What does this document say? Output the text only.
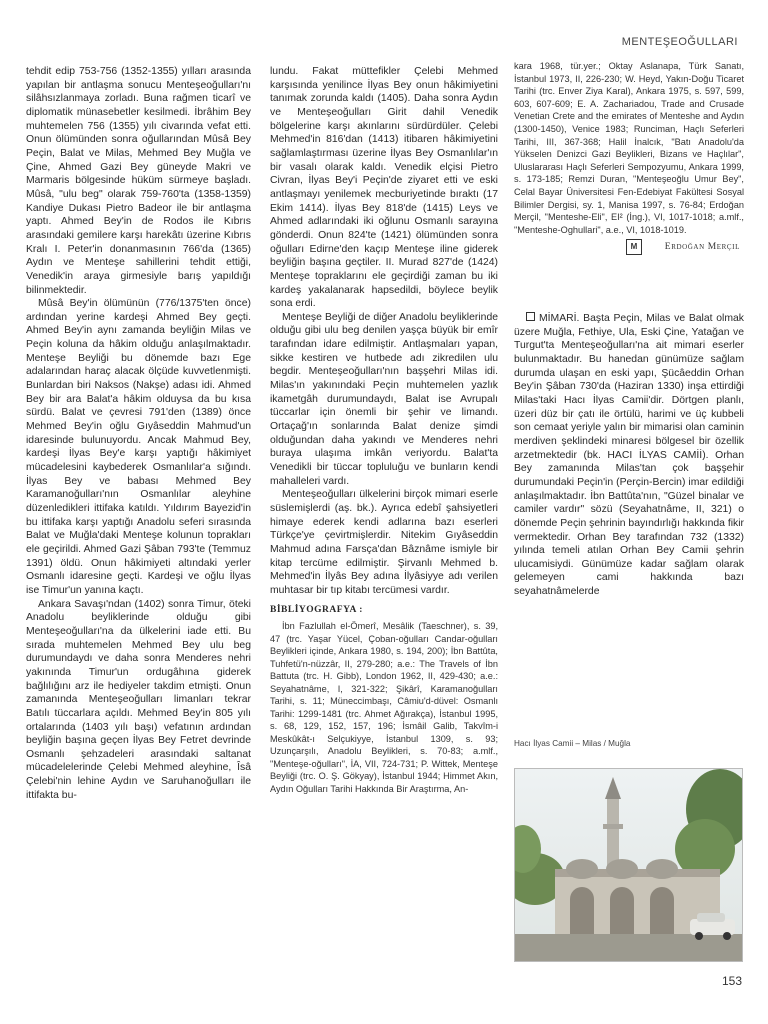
MENTEŞEOĞULLARI

tehdit edip 753-756 (1352-1355) yılları arasında yapılan bir antlaşma sonucu Menteşeoğulları'nı silâhsızlanmaya zorladı. Buna rağmen ticarî ve diplomatik münasebetler kesilmedi. İbrâhim Bey muhtemelen 756 (1355) yılı civarında vefat etti. Onun ölümünden sonra oğullarından Mûsâ Bey Peçin, Balat ve Milas, Mehmed Bey Muğla ve Çine, Ahmed Gazi Bey güneyde Makri ve Marmaris bölgesinde hüküm sürmeye başladı. Mûsâ, "ulu beg" olarak 759-760'ta (1358-1359) Kandiye Dukası Pietro Badeor ile bir antlaşma yaptı. Ahmed Bey'in de Rodos ile Kıbrıs arasındaki gemilere karşı harekâtı üzerine Kıbrıs Kralı I. Peter'in donanmasının 766'da (1365) Aydın ve Menteşe sahillerini tehdit ettiği, Venedik'in araya girmesiyle barış yapıldığı bilinmektedir.

Mûsâ Bey'in ölümünün (776/1375'ten önce) ardından yerine kardeşi Ahmed Bey geçti. Ahmed Bey'in aynı zamanda beyliğin Milas ve Peçin koluna da hâkim olduğu anlaşılmaktadır. Menteşe Beyliği bu dönemde bazı Ege adalarından haraç alacak ölçüde kuvvetlenmişti. Bunlardan biri Naksos (Nakşe) adası idi. Ahmed Bey bir ara Balat'a hâkim olduysa da bu kısa sürdü. Balat ve çevresi 791'den (1389) önce Mehmed Bey'in oğlu Gıyâseddin Mahmud'un idaresinde bulunuyordu. Ancak Mahmud Bey, kardeşi İlyas Bey'e karşı yaptığı hâkimiyet mücadelesini kaybederek Osmanlılar'a sığındı. İlyas Bey ve babası Mehmed Bey Karamanoğulları'nın Osmanlılar aleyhine düzenledikleri ittifaka katıldı. Yıldırım Bayezid'in bu ittifaka karşı yaptığı Anadolu seferi sırasında Balat ve Muğla'daki Menteşe kolunun toprakları ele geçirildi. Ahmed Gazi Şâban 793'te (Temmuz 1391) öldü. Onun hâkimiyeti altındaki yerler Osmanlı idaresine geçti. Kardeşi ve oğlu İlyas ise Timur'un yanına kaçtı.

Ankara Savaşı'ndan (1402) sonra Timur, öteki Anadolu beyliklerinde olduğu gibi Menteşeoğulları'na da ülkelerini iade etti. Bu sırada muhtemelen Mehmed Bey ulu beg durumundaydı ve daha sonra Menderes nehri yakınında Timur'un ordugâhına giderek bağlılığını arz ile hediyeler takdim etmişti. Onun zamanında Menteşeoğulları limanları tekrar Batılı tüccarlara açıldı. Mehmed Bey'in 805 yılı ortalarında (1403 yılı başı) vefatının ardından beyliğin başına geçen İlyas Bey Fetret devrinde Osmanlı şehzadeleri arasındaki saltanat mücadelelerinde Çelebi Mehmed aleyhine, Îsâ Çelebi'nin lehine Aydın ve Saruhanoğulları ile ittifakta bu-

lundu. Fakat müttefikler Çelebi Mehmed karşısında yenilince İlyas Bey onun hâkimiyetini tanımak zorunda kaldı (1405). Daha sonra Aydın ve Menteşeoğulları Girit dahil Venedik bölgelerine karşı akınlarını sürdürdüler. Çelebi Mehmed'in 816'dan (1413) itibaren hâkimiyetini sağlamlaştırması üzerine İlyas Bey Osmanlılar'ın bir vasalı olarak kaldı. Venedik elçisi Pietro Civran, İlyas Bey'i Peçin'de ziyaret etti ve eski antlaşmayı yenilemek mecburiyetinde bıraktı (17 Ekim 1414). İlyas Bey 818'de (1415) Leys ve Ahmed adlarındaki iki oğlunu Osmanlı sarayına gönderdi. Onun 824'te (1421) ölümünden sonra oğulları Edirne'den kaçıp Menteşe iline giderek beyliğin başına geçtiler. II. Murad 827'de (1424) Menteşe topraklarını ele geçirdiği zaman bu iki kardeş yakalanarak hapsedildi, böylece beylik sona erdi.

Menteşe Beyliği de diğer Anadolu beyliklerinde olduğu gibi ulu beg denilen yaşça büyük bir emîr tarafından idare edilmiştir. Antlaşmaları yapan, sikke kestiren ve hutbede adı zikredilen ulu begdir. Menteşeoğulları'nın başşehri Milas idi. Milas'ın yakınındaki Peçin muhtemelen yazlık ikametgâh durumundaydı, Balat ise Avrupalı tüccarlar için önemli bir şehir ve limandı. Ortaçağ'ın sonlarında Balat denize şimdi olduğundan daha yakındı ve Menderes nehri buraya ulaşıma imkân veriyordu. Balat'ta Venedikli bir tüccar topluluğu ve bunların kendi mahalleleri vardı.

Menteşeoğulları ülkelerini birçok mimari eserle süslemişlerdi (aş. bk.). Ayrıca edebî şahsiyetleri himaye ederek kendi adlarına bazı eserleri Türkçe'ye çevirtmişlerdir. Nitekim Gıyâseddin Mahmud adına Farsça'dan Bâznâme ismiyle bir kitap tercüme edilmiştir. Şirvanlı Mehmed b. Mehmed'in İlyâs Bey adına İlyâsiyye adı verilen muhtasar bir tıp kitabı tercümesi vardır.

BİBLİYOGRAFYA :

İbn Fazlullah el-Ömerî, Mesâlik (Taeschner), s. 39, 47 (trc. Yaşar Yücel, Çoban-oğulları Candar-oğulları Beylikleri içinde, Ankara 1980, s. 194, 200); İbn Battûta, Tuhfetü'n-nüzzâr, II, 279-280; a.e.: The Travels of İbn Battuta (trc. H. Gibb), London 1962, II, 429-430; a.e.: Seyahatnâme, I, 321-322; Şikârî, Karamanoğulları Tarihi, s. 11; Müneccimbaşı, Câmiu'd-düvel: Osmanlı Tarihi: 1299-1481 (trc. Ahmet Ağırakça), İstanbul 1995, s. 68, 129, 152, 157, 196; İsmâil Galib, Takvîm-i Meskûkât-ı Selçukiyye, İstanbul 1309, s. 93; Uzunçarşılı, Anadolu Beylikleri, s. 70-83; a.mlf., "Menteşe-oğulları", İA, VII, 724-731; P. Wittek, Menteşe Beyliği (trc. O. Ş. Gökyay), İstanbul 1944; Himmet Akın, Aydın Oğulları Tarihi Hakkında Bir Araştırma, An-

kara 1968, tür.yer.; Oktay Aslanapa, Türk Sanatı, İstanbul 1973, II, 226-230; W. Heyd, Yakın-Doğu Ticaret Tarihi (trc. Enver Ziya Karal), Ankara 1975, s. 597, 599, 603, 607-609; E. A. Zachariadou, Trade and Crusade Venetian Crete and the emirates of Menteshe and Aydın (1300-1450), Venice 1983; Runciman, Haçlı Seferleri Tarihi, III, 367-368; Halil İnalcık, "Batı Anadolu'da Yükselen Denizci Gazi Beylikleri, Bizans ve Haçlılar", Uluslararası Haçlı Seferleri Sempozyumu, Ankara 1999, s. 173-185; Remzi Duran, "Menteşeoğlu Umur Bey", Celal Bayar Üniversitesi Fen-Edebiyat Fakültesi Sosyal Bilimler Dergisi, sy. 1, Manisa 1997, s. 76-84; Erdoğan Merçil, "Menteshe-Eli", EI² (İng.), VI, 1017-1018; a.mlf., "Menteshe-Oghullari", a.e., VI, 1018-1019.

M	Erdoğan Merçil

MİMARİ. Başta Peçin, Milas ve Balat olmak üzere Muğla, Fethiye, Ula, Eski Çine, Yatağan ve Turgut'ta Menteşeoğulları'na ait mimari eserler bulunmaktadır. Bu hanedan günümüze sağlam durumda ulaşan en eski yapı, Şücâeddin Orhan Bey'in Şâban 730'da (Haziran 1330) inşa ettirdiği Milas'taki Hacı İlyas Camii'dir. Dörtgen planlı, üzeri düz bir çatı ile örtülü, harimi ve üç kubbeli son cemaat yeriyle yalın bir mimarisi olan caminin merdiven şeklindeki minaresi bölgesel bir özellik arzetmektedir (bk. HACI İLYAS CAMİİ). Orhan Bey zamanında Milas'tan çok başşehir durumundaki Peçin'in (Perçin-Bercin) imar edildiği anlaşılmaktadır. İbn Battûta'nın, "Güzel binalar ve camiler vardır" sözü (Seyahatnâme, II, 321) o dönemde Peçin şehrinin bayındırlığı hakkında fikir vermektedir. Orhan Bey tarafından 732 (1332) yılında temeli atılan Orhan Bey Camii şehrin ulucamisiydi. Günümüze kadar sağlam olarak gelemeyen cami hakkında bazı seyahatnâmelerde

Hacı İlyas Camii – Milas / Muğla
153
